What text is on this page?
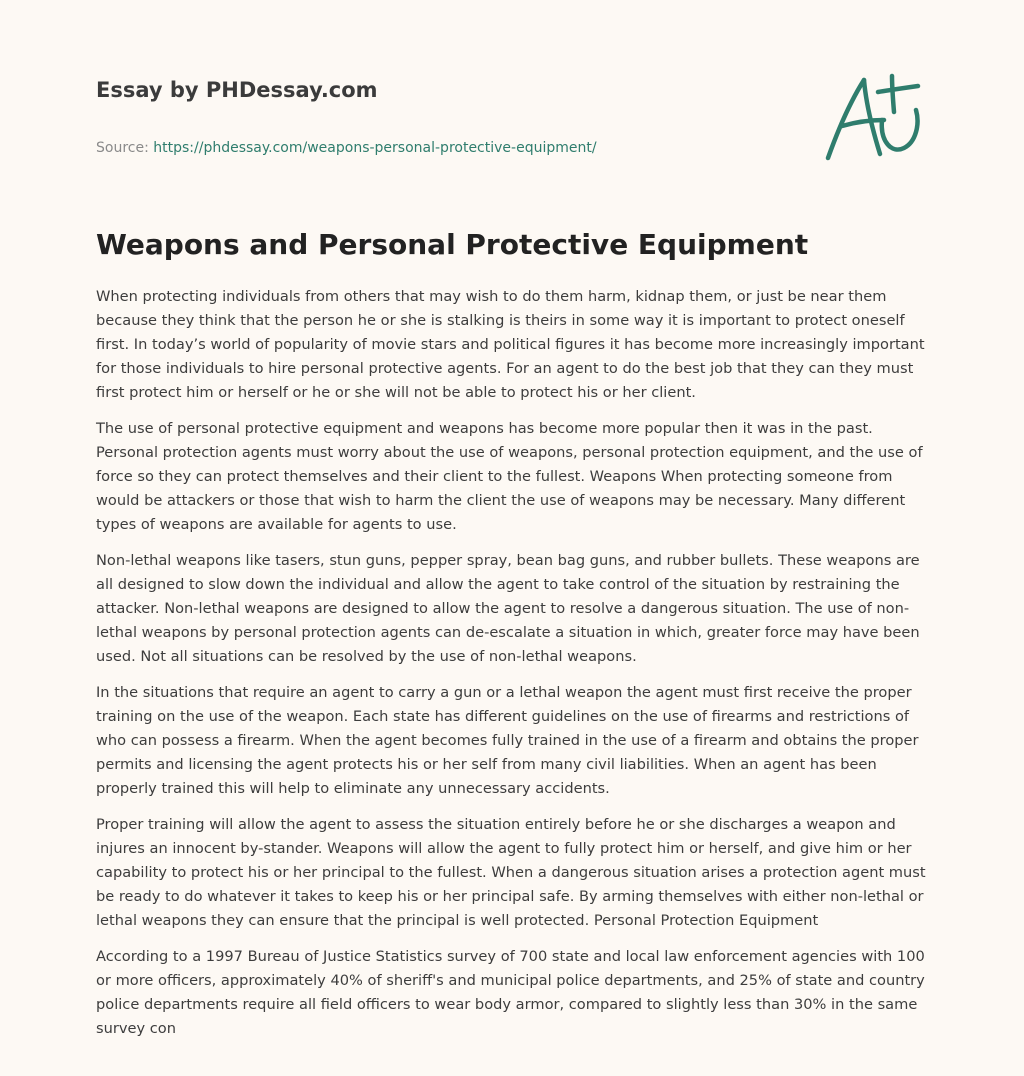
Essay by PHDessay.com
Source: https://phdessay.com/weapons-personal-protective-equipment/
Weapons and Personal Protective Equipment

When protecting individuals from others that may wish to do them harm, kidnap them, or just be near them because they think that the person he or she is stalking is theirs in some way it is important to protect oneself first. In today’s world of popularity of movie stars and political figures it has become more increasingly important for those individuals to hire personal protective agents. For an agent to do the best job that they can they must first protect him or herself or he or she will not be able to protect his or her client.

The use of personal protective equipment and weapons has become more popular then it was in the past. Personal protection agents must worry about the use of weapons, personal protection equipment, and the use of force so they can protect themselves and their client to the fullest. Weapons When protecting someone from would be attackers or those that wish to harm the client the use of weapons may be necessary. Many different types of weapons are available for agents to use.

Non-lethal weapons like tasers, stun guns, pepper spray, bean bag guns, and rubber bullets. These weapons are all designed to slow down the individual and allow the agent to take control of the situation by restraining the attacker. Non-lethal weapons are designed to allow the agent to resolve a dangerous situation. The use of non-lethal weapons by personal protection agents can de-escalate a situation in which, greater force may have been used. Not all situations can be resolved by the use of non-lethal weapons.

In the situations that require an agent to carry a gun or a lethal weapon the agent must first receive the proper training on the use of the weapon. Each state has different guidelines on the use of firearms and restrictions of who can possess a firearm. When the agent becomes fully trained in the use of a firearm and obtains the proper permits and licensing the agent protects his or her self from many civil liabilities. When an agent has been properly trained this will help to eliminate any unnecessary accidents.

Proper training will allow the agent to assess the situation entirely before he or she discharges a weapon and injures an innocent by-stander. Weapons will allow the agent to fully protect him or herself, and give him or her capability to protect his or her principal to the fullest. When a dangerous situation arises a protection agent must be ready to do whatever it takes to keep his or her principal safe. By arming themselves with either non-lethal or lethal weapons they can ensure that the principal is well protected. Personal Protection Equipment

According to a 1997 Bureau of Justice Statistics survey of 700 state and local law enforcement agencies with 100 or more officers, approximately 40% of sheriff's and municipal police departments, and 25% of state and country police departments require all field officers to wear body armor, compared to slightly less than 30% in the same survey con
